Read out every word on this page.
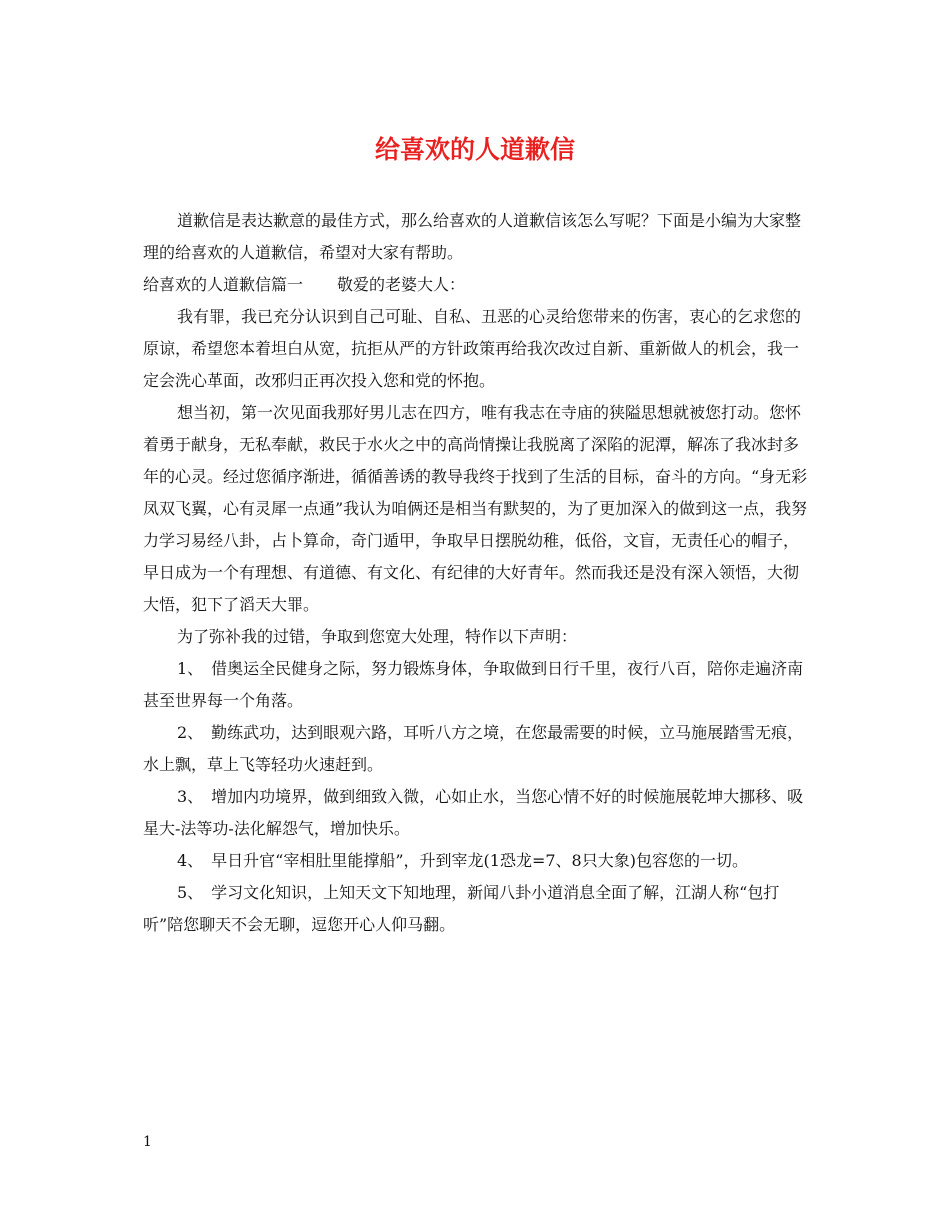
给喜欢的人道歉信

道歉信是表达歉意的最佳方式，那么给喜欢的人道歉信该怎么写呢？下面是小编为大家整理的给喜欢的人道歉信，希望对大家有帮助。

给喜欢的人道歉信篇一 敬爱的老婆大人：

我有罪，我已充分认识到自己可耻、自私、丑恶的心灵给您带来的伤害，衷心的乞求您的原谅，希望您本着坦白从宽，抗拒从严的方针政策再给我次改过自新、重新做人的机会，我一定会洗心革面，改邪归正再次投入您和党的怀抱。

想当初，第一次见面我那好男儿志在四方，唯有我志在寺庙的狭隘思想就被您打动。您怀着勇于献身，无私奉献，救民于水火之中的高尚情操让我脱离了深陷的泥潭，解冻了我冰封多年的心灵。经过您循序渐进，循循善诱的教导我终于找到了生活的目标，奋斗的方向。“身无彩凤双飞翼，心有灵犀一点通”我认为咱俩还是相当有默契的，为了更加深入的做到这一点，我努力学习易经八卦，占卜算命，奇门遁甲，争取早日摆脱幼稚，低俗，文盲，无责任心的帽子，早日成为一个有理想、有道德、有文化、有纪律的大好青年。然而我还是没有深入领悟，大彻大悟，犯下了滔天大罪。

为了弥补我的过错，争取到您宽大处理，特作以下声明：

1、　借奥运全民健身之际，努力锻炼身体，争取做到日行千里，夜行八百，陪你走遍济南甚至世界每一个角落。

2、　勤练武功，达到眼观六路，耳听八方之境，在您最需要的时候，立马施展踏雪无痕，水上飘，草上飞等轻功火速赶到。

3、　增加内功境界，做到细致入微，心如止水，当您心情不好的时候施展乾坤大挪移、吸星大-法等功-法化解怨气，增加快乐。

4、　早日升官“宰相肚里能撑船”，升到宰龙(1恐龙=7、8只大象)包容您的一切。

5、　学习文化知识，上知天文下知地理，新闻八卦小道消息全面了解，江湖人称“包打听”陪您聊天不会无聊，逗您开心人仰马翻。

1
